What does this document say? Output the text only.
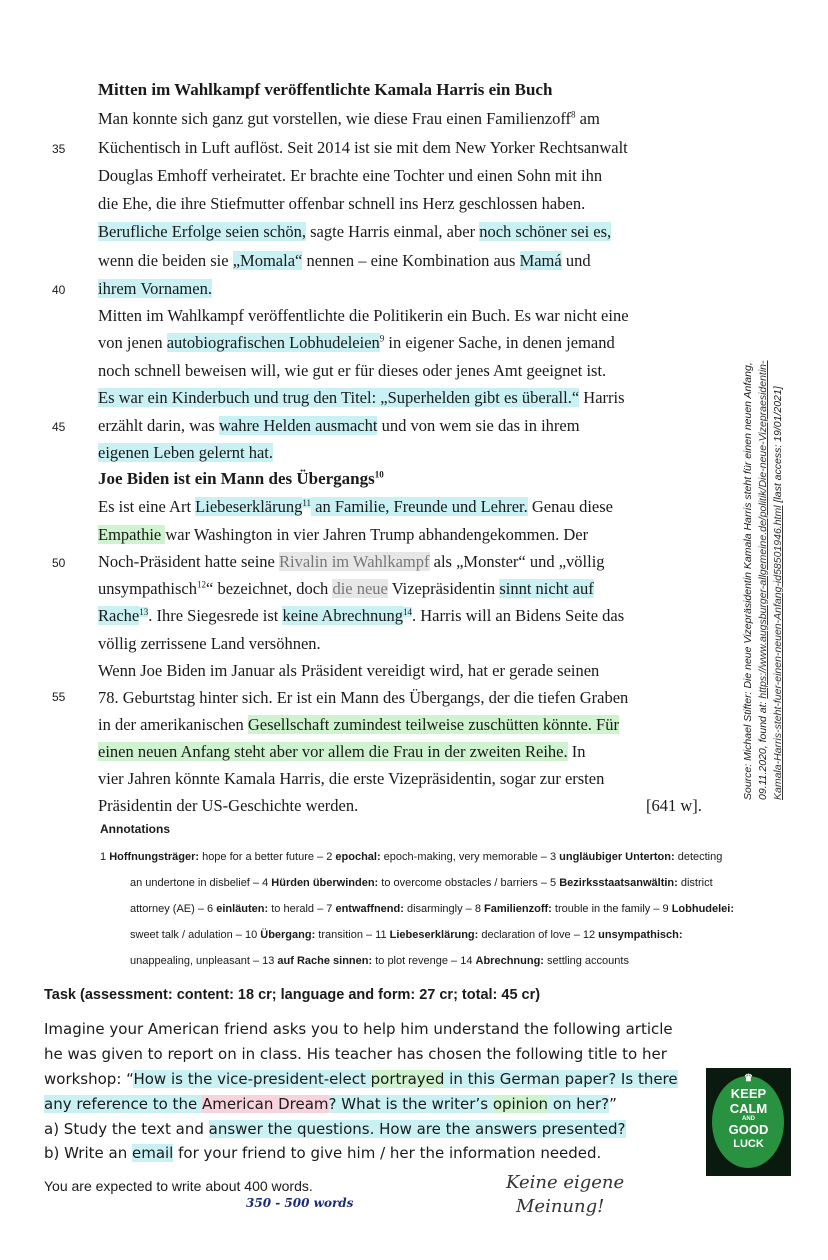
Mitten im Wahlkampf veröffentlichte Kamala Harris ein Buch
35
40
45
50
55
Man konnte sich ganz gut vorstellen, wie diese Frau einen Familienzoff$^8$ am
Küchentisch in Luft auflöst. Seit 2014 ist sie mit dem New Yorker Rechtsanwalt
Douglas Emhoff verheiratet. Er brachte eine Tochter und einen Sohn mit ihn
die Ehe, die ihre Stiefmutter offenbar schnell ins Herz geschlossen haben.
Berufliche Erfolge seien schön, sagte Harris einmal, aber noch schöner sei es,
wenn die beiden sie „Momala“ nennen – eine Kombination aus Mamá und
ihrem Vornamen.
Mitten im Wahlkampf veröffentlichte die Politikerin ein Buch. Es war nicht eine
von jenen autobiografischen Lobhudeleien$^9$ in eigener Sache, in denen jemand
noch schnell beweisen will, wie gut er für dieses oder jenes Amt geeignet ist.
Es war ein Kinderbuch und trug den Titel: „Superhelden gibt es überall.“ Harris
erzählt darin, was wahre Helden ausmacht und von wem sie das in ihrem
eigenen Leben gelernt hat.
Joe Biden ist ein Mann des Übergangs$^{10}$
Es ist eine Art Liebeserklärung$^{11}$ an Familie, Freunde und Lehrer. Genau diese
Empathie war Washington in vier Jahren Trump abhandengekommen. Der
Noch-Präsident hatte seine Rivalin im Wahlkampf als „Monster“ und „völlig
unsympathisch$^{12}$“ bezeichnet, doch die neue Vizepräsidentin sinnt nicht auf
Rache$^{13}$. Ihre Siegesrede ist keine Abrechnung$^{14}$. Harris will an Bidens Seite das
völlig zerrissene Land versöhnen.
Wenn Joe Biden im Januar als Präsident vereidigt wird, hat er gerade seinen
78. Geburtstag hinter sich. Er ist ein Mann des Übergangs, der die tiefen Graben
in der amerikanischen Gesellschaft zumindest teilweise zuschütten könnte. Für
einen neuen Anfang steht aber vor allem die Frau in der zweiten Reihe. In
vier Jahren könnte Kamala Harris, die erste Vizepräsidentin, sogar zur ersten
Präsidentin der US-Geschichte werden.	[641 w].
Source: Michael Stifter: Die neue Vizepräsidentin Kamala Harris steht für einen neuen Anfang, 09.11.2020, found at: https://www.augsburger-allgemeine.de/politik/Die-neue-Vizepraesidentin- Kamala-Harris-steht-fuer-einen-neuen-Anfang-id58501946.html [last access: 19/01/2021]
Annotations
1 Hoffnungsträger: hope for a better future – 2 epochal: epoch-making, very memorable – 3 ungläubiger Unterton: detecting
an undertone in disbelief – 4 Hürden überwinden: to overcome obstacles / barriers – 5 Bezirksstaatsanwältin: district
attorney (AE) – 6 einläuten: to herald – 7 entwaffnend: disarmingly – 8 Familienzoff: trouble in the family – 9 Lobhudelei:
sweet talk / adulation – 10 Übergang: transition – 11 Liebeserklärung: declaration of love – 12 unsympathisch:
unappealing, unpleasant – 13 auf Rache sinnen: to plot revenge – 14 Abrechnung: settling accounts
Task (assessment: content: 18 cr; language and form: 27 cr; total: 45 cr)
Imagine your American friend asks you to help him understand the following article
he was given to report on in class. His teacher has chosen the following title to her
workshop: “How is the vice-president-elect portrayed in this German paper? Is there
any reference to the American Dream? What is the writer’s opinion on her?”
a) Study the text and answer the questions. How are the answers presented?
b) Write an email for your friend to give him / her the information needed.
You are expected to write about 400 words.
350 - 500 words
Keine eigene
Meinung!
♛
KEEP
CALM
AND
GOOD
LUCK
